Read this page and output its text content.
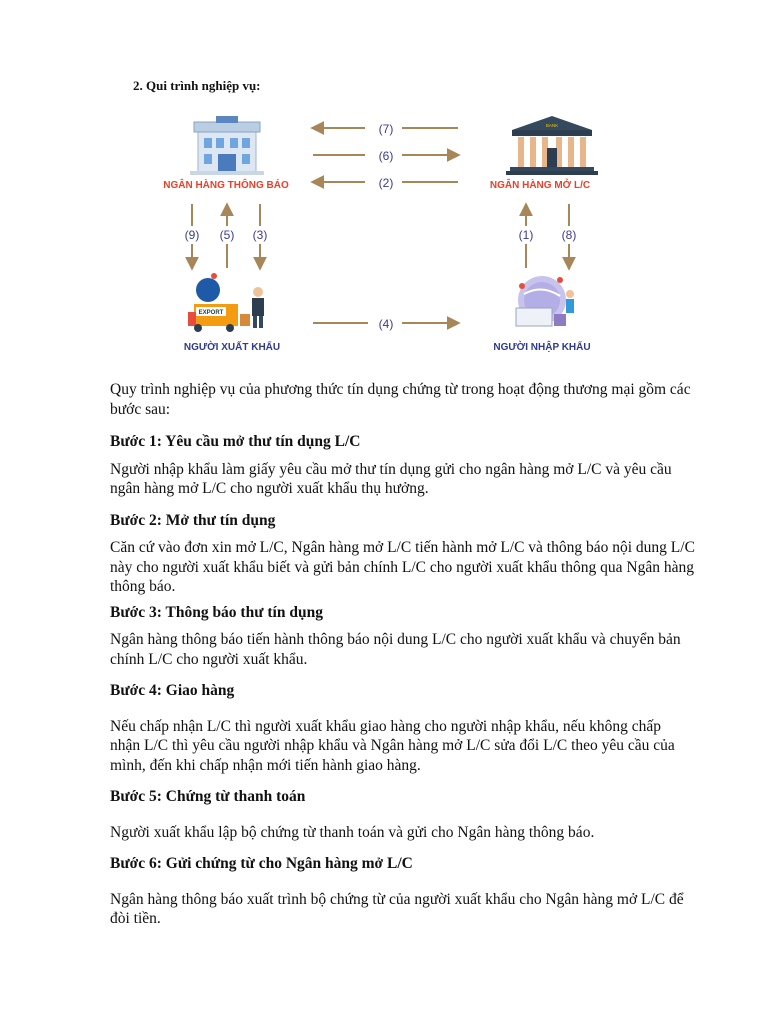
2. Qui trình nghiệp vụ:
BANK
NGÂN HÀNG THÔNG BÁO	NGÂN HÀNG MỞ L/C
(7)
(6)
(2)
(9) (5) (3)	(1) (8)
EXPORT
(4)
NGƯỜI XUẤT KHẨU	NGƯỜI NHẬP KHẨU

Quy trình nghiệp vụ của phương thức tín dụng chứng từ trong hoạt động thương mại gồm các bước sau:

Bước 1: Yêu cầu mở thư tín dụng L/C

Người nhập khẩu làm giấy yêu cầu mở thư tín dụng gửi cho ngân hàng mở L/C và yêu cầu ngân hàng mở L/C cho người xuất khẩu thụ hưởng.

Bước 2: Mở thư tín dụng

Căn cứ vào đơn xin mở L/C, Ngân hàng mở L/C tiến hành mở L/C và thông báo nội dung L/C này cho người xuất khẩu biết và gửi bản chính L/C cho người xuất khẩu thông qua Ngân hàng thông báo.

Bước 3: Thông báo thư tín dụng

Ngân hàng thông báo tiến hành thông báo nội dung L/C cho người xuất khẩu và chuyển bản chính L/C cho người xuất khẩu.

Bước 4: Giao hàng

Nếu chấp nhận L/C thì người xuất khẩu giao hàng cho người nhập khẩu, nếu không chấp nhận L/C thì yêu cầu người nhập khẩu và Ngân hàng mở L/C sửa đổi L/C theo yêu cầu của mình, đến khi chấp nhận mới tiến hành giao hàng.

Bước 5: Chứng từ thanh toán

Người xuất khẩu lập bộ chứng từ thanh toán và gửi cho Ngân hàng thông báo.

Bước 6: Gửi chứng từ cho Ngân hàng mở L/C

Ngân hàng thông báo xuất trình bộ chứng từ của người xuất khẩu cho Ngân hàng mở L/C để đòi tiền.
